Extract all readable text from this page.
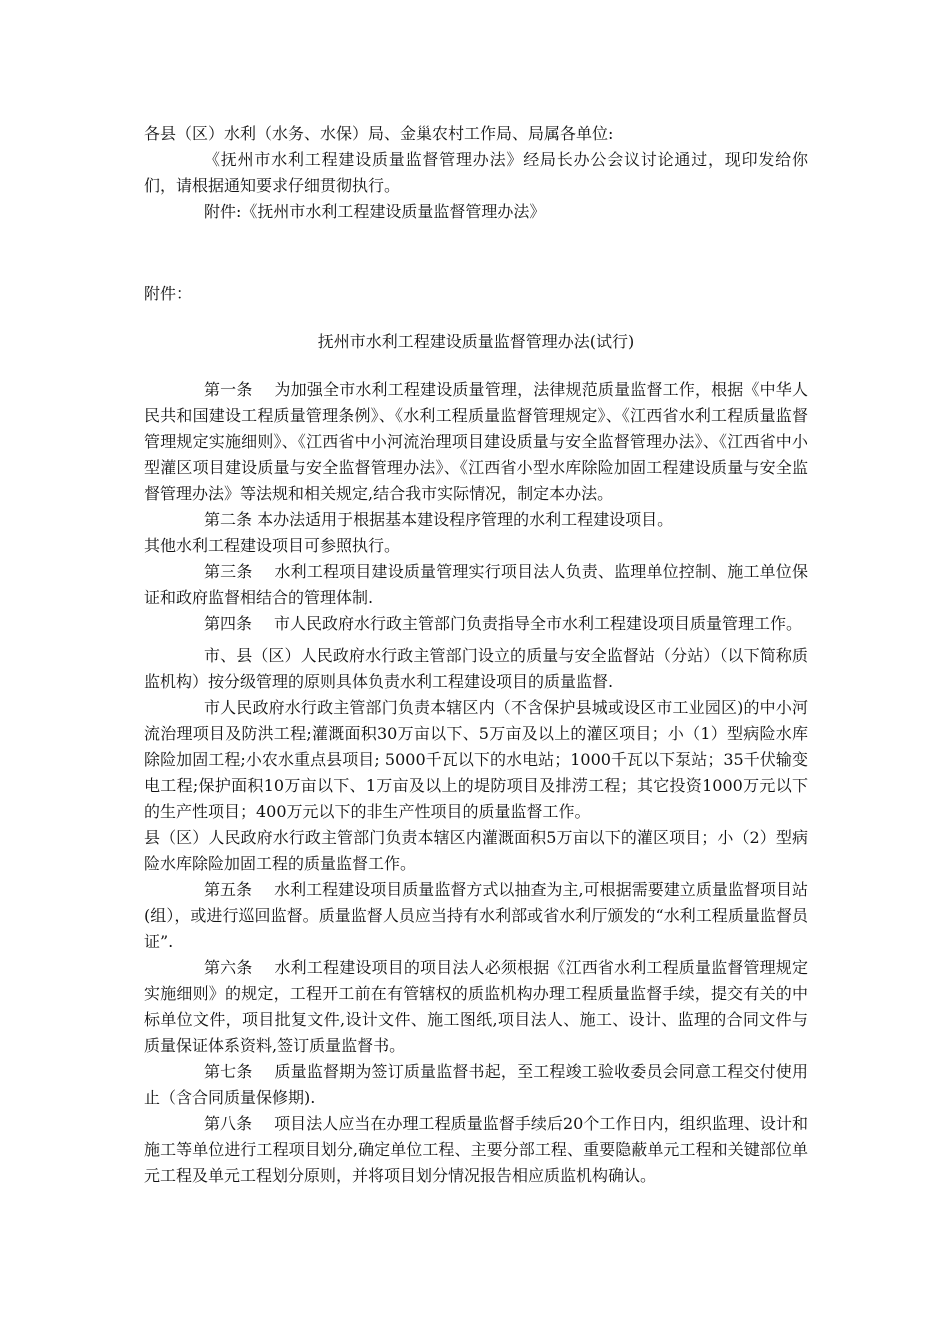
各县（区）水利（水务、水保）局、金巢农村工作局、局属各单位:

《抚州市水利工程建设质量监督管理办法》经局长办公会议讨论通过，现印发给你们，请根据通知要求仔细贯彻执行。

附件:《抚州市水利工程建设质量监督管理办法》

附件：

抚州市水利工程建设质量监督管理办法(试行)

第一条 为加强全市水利工程建设质量管理，法律规范质量监督工作，根据《中华人民共和国建设工程质量管理条例》、《水利工程质量监督管理规定》、《江西省水利工程质量监督管理规定实施细则》、《江西省中小河流治理项目建设质量与安全监督管理办法》、《江西省中小型灌区项目建设质量与安全监督管理办法》、《江西省小型水库除险加固工程建设质量与安全监督管理办法》等法规和相关规定,结合我市实际情况，制定本办法。

第二条 本办法适用于根据基本建设程序管理的水利工程建设项目。

其他水利工程建设项目可参照执行。

第三条 水利工程项目建设质量管理实行项目法人负责、监理单位控制、施工单位保证和政府监督相结合的管理体制.

第四条 市人民政府水行政主管部门负责指导全市水利工程建设项目质量管理工作。

市、县（区）人民政府水行政主管部门设立的质量与安全监督站（分站）（以下简称质监机构）按分级管理的原则具体负责水利工程建设项目的质量监督.

市人民政府水行政主管部门负责本辖区内（不含保护县城或设区市工业园区)的中小河流治理项目及防洪工程;灌溉面积30万亩以下、5万亩及以上的灌区项目；小（1）型病险水库除险加固工程;小农水重点县项目; 5000千瓦以下的水电站；1000千瓦以下泵站；35千伏输变电工程;保护面积10万亩以下、1万亩及以上的堤防项目及排涝工程；其它投资1000万元以下的生产性项目；400万元以下的非生产性项目的质量监督工作。

县（区）人民政府水行政主管部门负责本辖区内灌溉面积5万亩以下的灌区项目；小（2）型病险水库除险加固工程的质量监督工作。

第五条 水利工程建设项目质量监督方式以抽查为主,可根据需要建立质量监督项目站(组），或进行巡回监督。质量监督人员应当持有水利部或省水利厅颁发的“水利工程质量监督员证”.

第六条 水利工程建设项目的项目法人必须根据《江西省水利工程质量监督管理规定实施细则》的规定，工程开工前在有管辖权的质监机构办理工程质量监督手续，提交有关的中标单位文件，项目批复文件,设计文件、施工图纸,项目法人、施工、设计、监理的合同文件与质量保证体系资料,签订质量监督书。

第七条 质量监督期为签订质量监督书起，至工程竣工验收委员会同意工程交付使用止（含合同质量保修期).

第八条 项目法人应当在办理工程质量监督手续后20个工作日内，组织监理、设计和施工等单位进行工程项目划分,确定单位工程、主要分部工程、重要隐蔽单元工程和关键部位单元工程及单元工程划分原则，并将项目划分情况报告相应质监机构确认。
